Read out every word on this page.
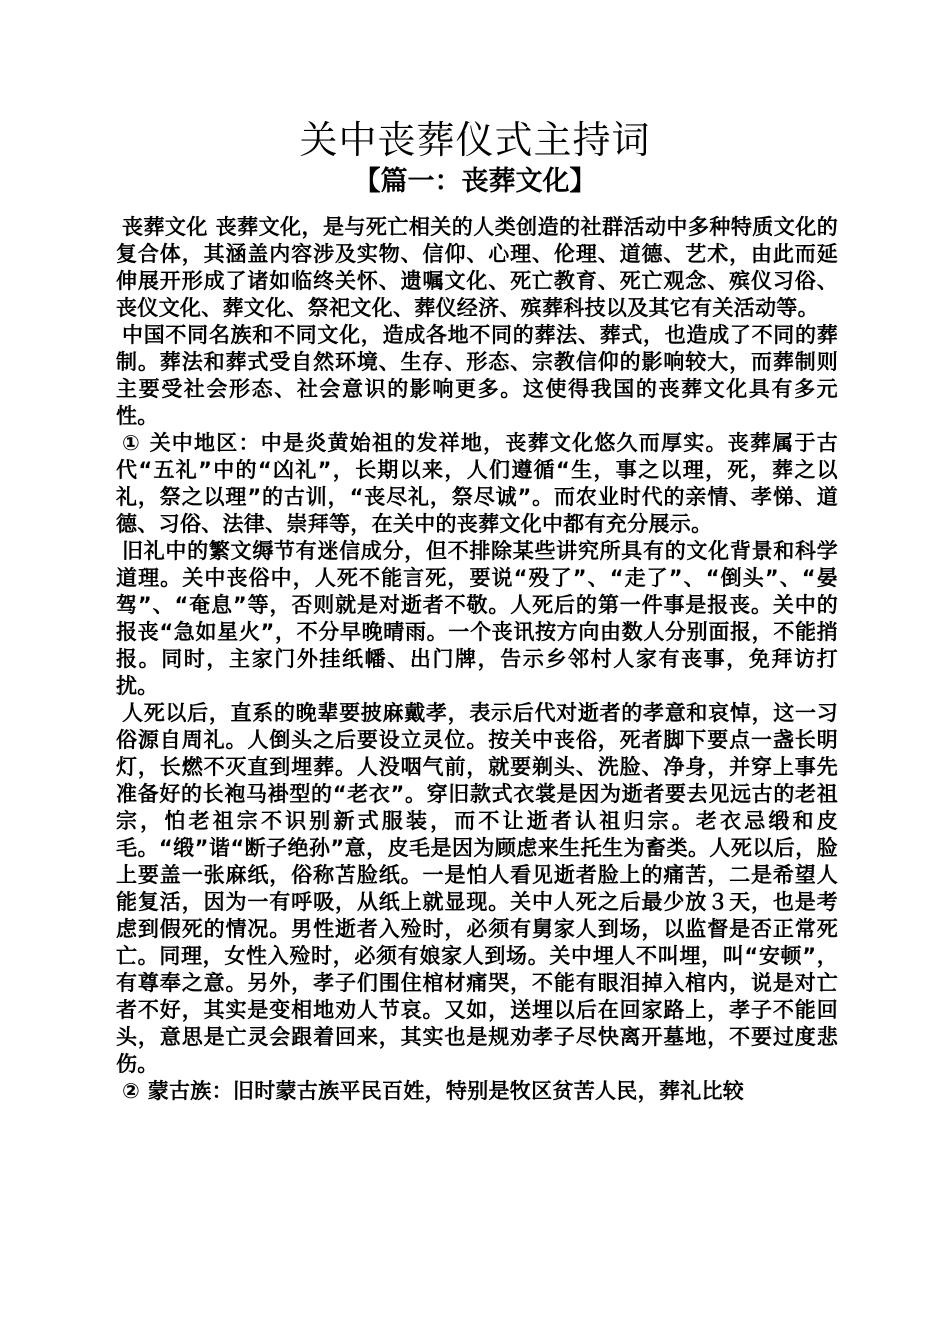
关中丧葬仪式主持词
【篇一：丧葬文化】

丧葬文化 丧葬文化，是与死亡相关的人类创造的社群活动中多种特质文化的复合体，其涵盖内容涉及实物、信仰、心理、伦理、道德、艺术，由此而延伸展开形成了诸如临终关怀、遗嘱文化、死亡教育、死亡观念、殡仪习俗、丧仪文化、葬文化、祭祀文化、葬仪经济、殡葬科技以及其它有关活动等。

中国不同名族和不同文化，造成各地不同的葬法、葬式，也造成了不同的葬制。葬法和葬式受自然环境、生存、形态、宗教信仰的影响较大，而葬制则主要受社会形态、社会意识的影响更多。这使得我国的丧葬文化具有多元性。

① 关中地区：中是炎黄始祖的发祥地，丧葬文化悠久而厚实。丧葬属于古代“五礼”中的“凶礼”，长期以来，人们遵循“生，事之以理，死，葬之以礼，祭之以理”的古训，“丧尽礼，祭尽诚”。而农业时代的亲情、孝悌、道德、习俗、法律、崇拜等，在关中的丧葬文化中都有充分展示。

旧礼中的繁文缛节有迷信成分，但不排除某些讲究所具有的文化背景和科学道理。关中丧俗中，人死不能言死，要说“殁了”、“走了”、“倒头”、“晏驾”、“奄息”等，否则就是对逝者不敬。人死后的第一件事是报丧。关中的报丧“急如星火”，不分早晚晴雨。一个丧讯按方向由数人分别面报，不能捎报。同时，主家门外挂纸幡、出门牌，告示乡邻村人家有丧事，免拜访打扰。

人死以后，直系的晚辈要披麻戴孝，表示后代对逝者的孝意和哀悼，这一习俗源自周礼。人倒头之后要设立灵位。按关中丧俗，死者脚下要点一盏长明灯，长燃不灭直到埋葬。人没咽气前，就要剃头、洗脸、净身，并穿上事先准备好的长袍马褂型的“老衣”。穿旧款式衣裳是因为逝者要去见远古的老祖宗，怕老祖宗不识别新式服装，而不让逝者认祖归宗。老衣忌缎和皮毛。“缎”谐“断子绝孙”意，皮毛是因为顾虑来生托生为畜类。人死以后，脸上要盖一张麻纸，俗称苫脸纸。一是怕人看见逝者脸上的痛苦，二是希望人能复活，因为一有呼吸，从纸上就显现。关中人死之后最少放３天，也是考虑到假死的情况。男性逝者入殓时，必须有舅家人到场，以监督是否正常死亡。同理，女性入殓时，必须有娘家人到场。关中埋人不叫埋，叫“安顿”，有尊奉之意。另外，孝子们围住棺材痛哭，不能有眼泪掉入棺内，说是对亡者不好，其实是变相地劝人节哀。又如，送埋以后在回家路上，孝子不能回头，意思是亡灵会跟着回来，其实也是规劝孝子尽快离开墓地，不要过度悲伤。

② 蒙古族：旧时蒙古族平民百姓，特别是牧区贫苦人民，葬礼比较
